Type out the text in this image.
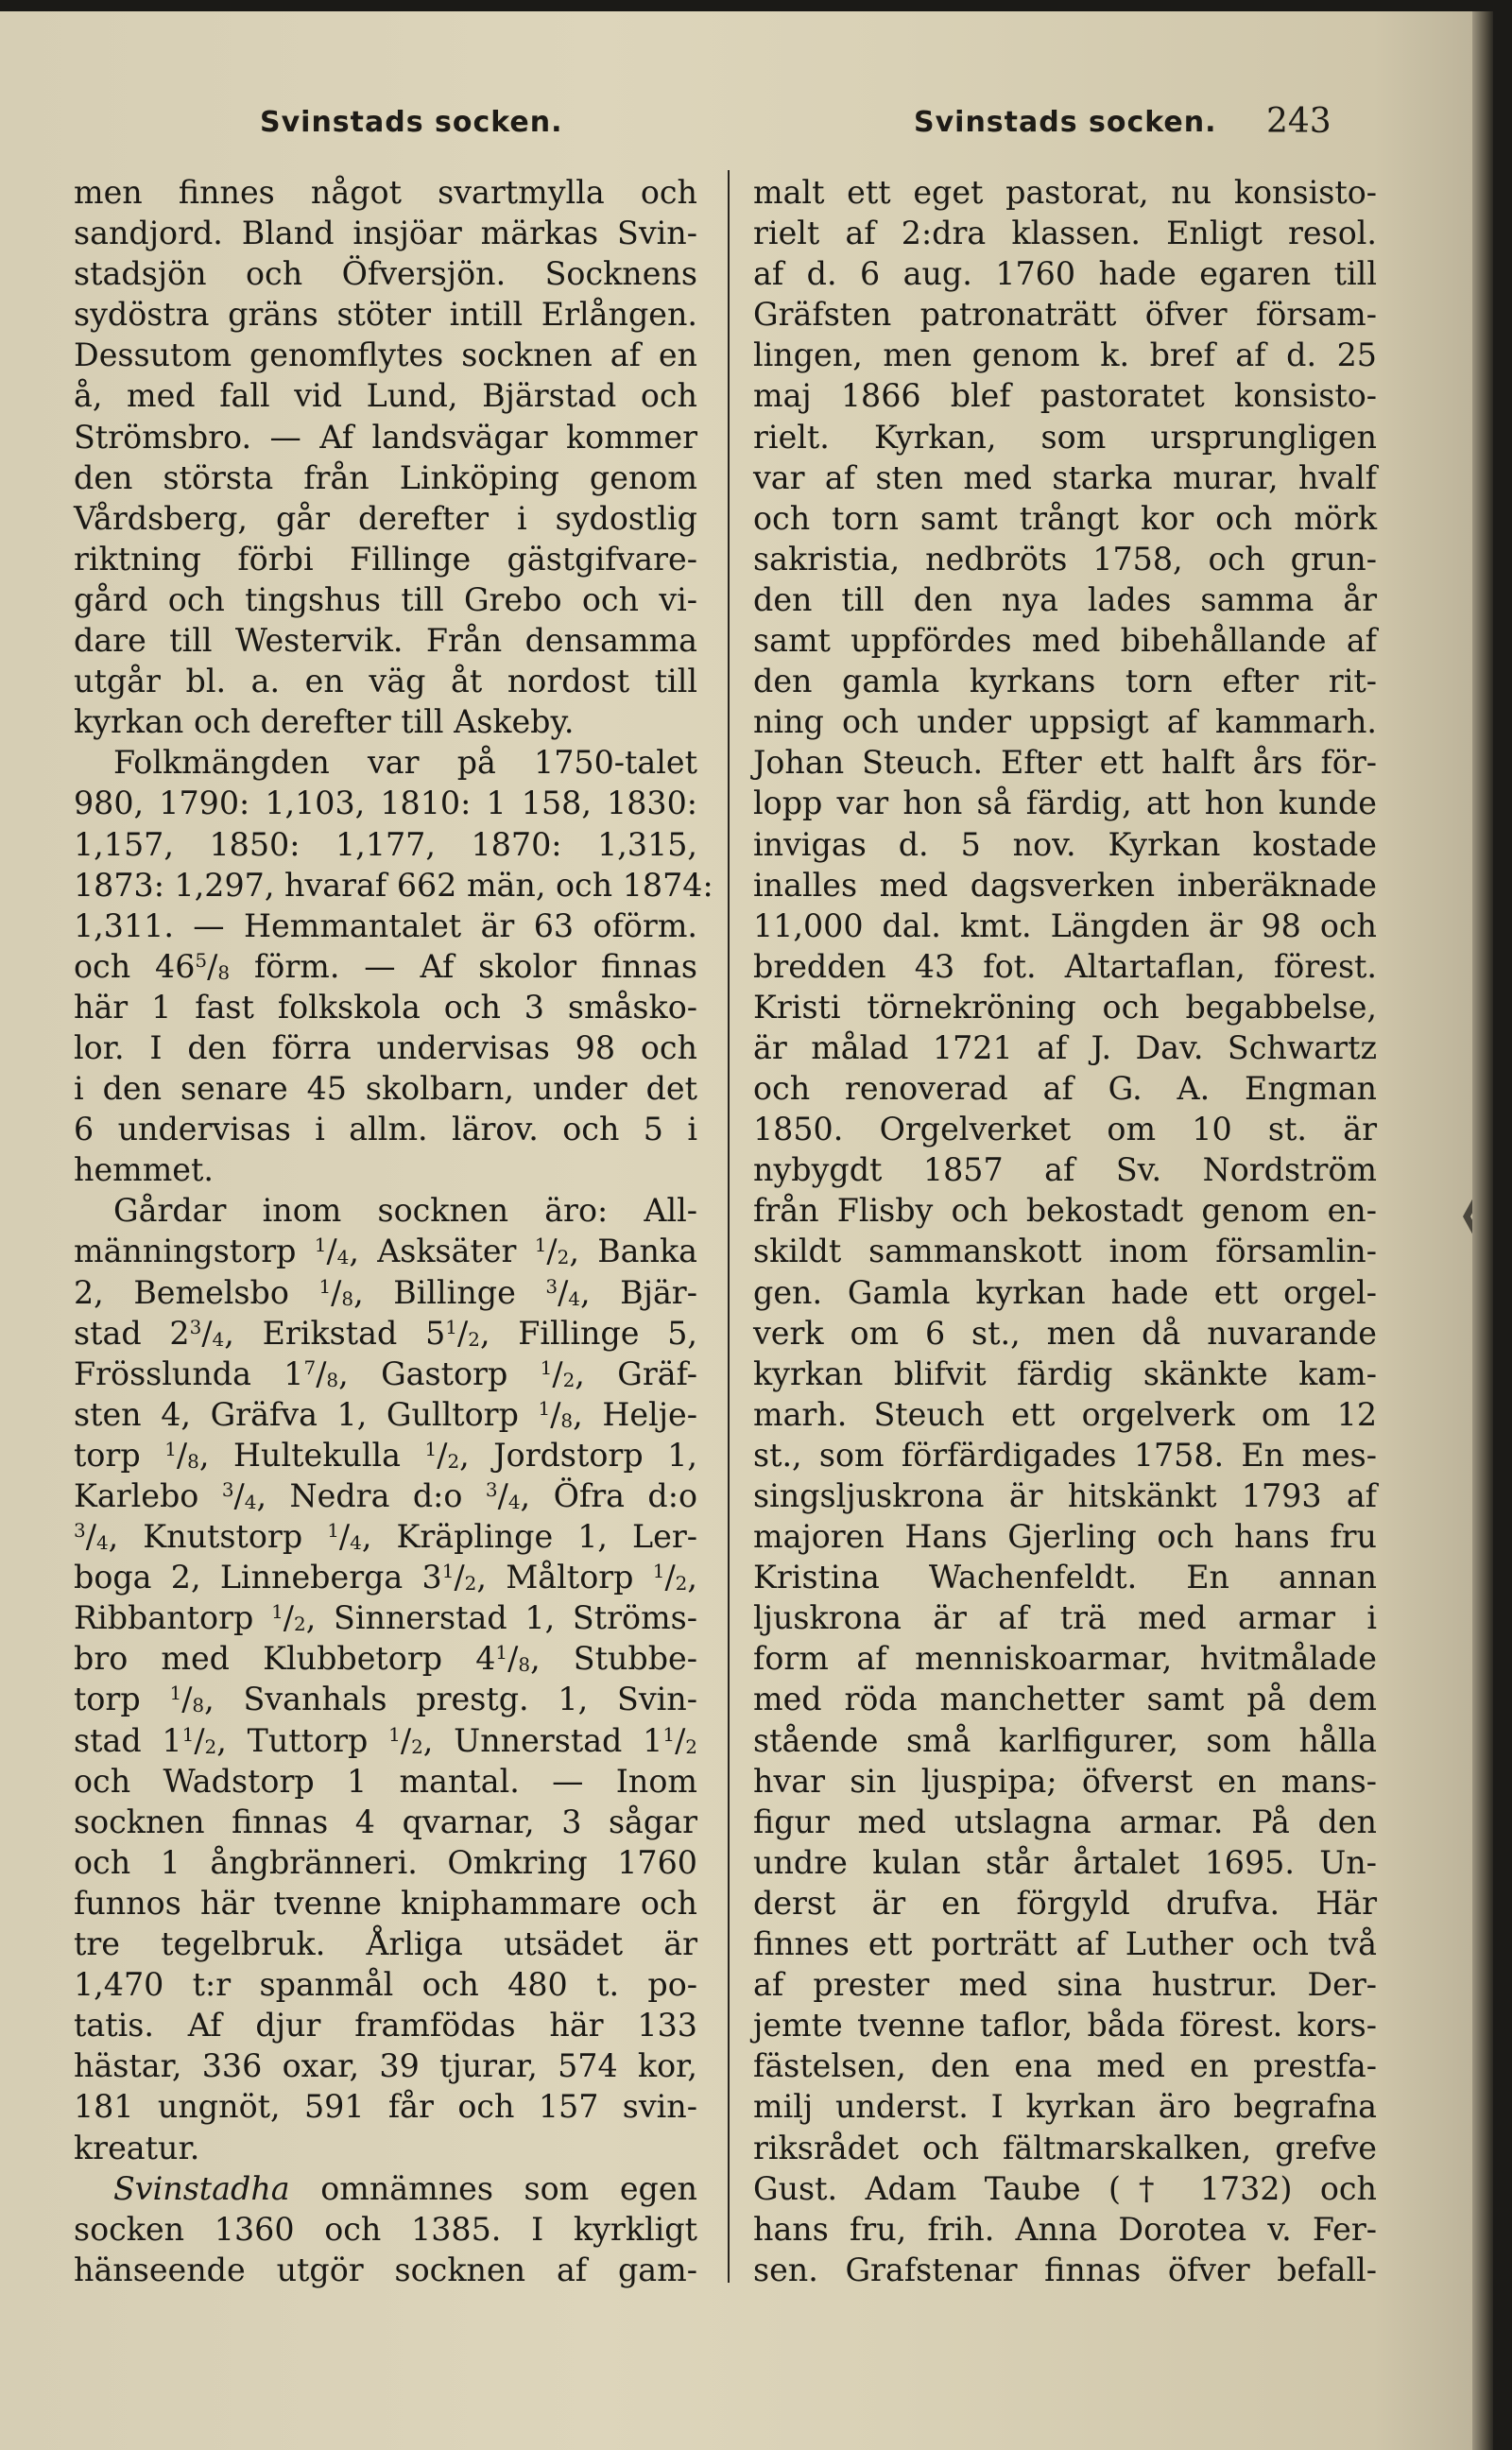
Svinstads socken.	Svinstads socken. 243
men finnes något svartmylla och
sandjord. Bland insjöar märkas Svin-
stadsjön och Öfversjön. Socknens
sydöstra gräns stöter intill Erlången.
Dessutom genomflytes socknen af en
å, med fall vid Lund, Bjärstad och
Strömsbro. — Af landsvägar kommer
den största från Linköping genom
Vårdsberg, går derefter i sydostlig
riktning förbi Fillinge gästgifvare-
gård och tingshus till Grebo och vi-
dare till Westervik. Från densamma
utgår bl. a. en väg åt nordost till
kyrkan och derefter till Askeby.
Folkmängden var på 1750-talet
980, 1790: 1,103, 1810: 1 158, 1830:
1,157, 1850: 1,177, 1870: 1,315,
1873: 1,297, hvaraf 662 män, och 1874:
1,311. — Hemmantalet är 63 oförm.
och $46^5/_8$ förm. — Af skolor finnas
här 1 fast folkskola och 3 småsko-
lor. I den förra undervisas 98 och
i den senare 45 skolbarn, under det
6 undervisas i allm. lärov. och 5 i
hemmet.
Gårdar inom socknen äro: All-
männingstorp $^1/_4$, Asksäter $^1/_2$, Banka
2, Bemelsbo $^1/_8$, Billinge $^3/_4$, Bjär-
stad $2^3/_4$, Erikstad $5^1/_2$, Fillinge 5,
Frösslunda $1^7/_8$, Gastorp $^1/_2$, Gräf-
sten 4, Gräfva 1, Gulltorp $^1/_8$, Helje-
torp $^1/_8$, Hultekulla $^1/_2$, Jordstorp 1,
Karlebo $^3/_4$, Nedra d:o $^3/_4$, Öfra d:o
$^3/_4$, Knutstorp $^1/_4$, Kräplinge 1, Ler-
boga 2, Linneberga $3^1/_2$, Måltorp $^1/_2$,
Ribbantorp $^1/_2$, Sinnerstad 1, Ströms-
bro med Klubbetorp $4^1/_8$, Stubbe-
torp $^1/_8$, Svanhals prestg. 1, Svin-
stad $1^1/_2$, Tuttorp $^1/_2$, Unnerstad $1^1/_2$
och Wadstorp 1 mantal. — Inom
socknen finnas 4 qvarnar, 3 sågar
och 1 ångbränneri. Omkring 1760
funnos här tvenne kniphammare och
tre tegelbruk. Årliga utsädet är
1,470 t:r spanmål och 480 t. po-
tatis. Af djur framfödas här 133
hästar, 336 oxar, 39 tjurar, 574 kor,
181 ungnöt, 591 får och 157 svin-
kreatur.
Svinstadha omnämnes som egen
socken 1360 och 1385. I kyrkligt
hänseende utgör socknen af gam-
malt ett eget pastorat, nu konsisto-
rielt af 2:dra klassen. Enligt resol.
af d. 6 aug. 1760 hade egaren till
Gräfsten patronaträtt öfver försam-
lingen, men genom k. bref af d. 25
maj 1866 blef pastoratet konsisto-
rielt. Kyrkan, som ursprungligen
var af sten med starka murar, hvalf
och torn samt trångt kor och mörk
sakristia, nedbröts 1758, och grun-
den till den nya lades samma år
samt uppfördes med bibehållande af
den gamla kyrkans torn efter rit-
ning och under uppsigt af kammarh.
Johan Steuch. Efter ett halft års för-
lopp var hon så färdig, att hon kunde
invigas d. 5 nov. Kyrkan kostade
inalles med dagsverken inberäknade
11,000 dal. kmt. Längden är 98 och
bredden 43 fot. Altartaflan, förest.
Kristi törnekröning och begabbelse,
är målad 1721 af J. Dav. Schwartz
och renoverad af G. A. Engman
1850. Orgelverket om 10 st. är
nybygdt 1857 af Sv. Nordström
från Flisby och bekostadt genom en-
skildt sammanskott inom församlin-
gen. Gamla kyrkan hade ett orgel-
verk om 6 st., men då nuvarande
kyrkan blifvit färdig skänkte kam-
marh. Steuch ett orgelverk om 12
st., som förfärdigades 1758. En mes-
singsljuskrona är hitskänkt 1793 af
majoren Hans Gjerling och hans fru
Kristina Wachenfeldt. En annan
ljuskrona är af trä med armar i
form af menniskoarmar, hvitmålade
med röda manchetter samt på dem
stående små karlfigurer, som hålla
hvar sin ljuspipa; öfverst en mans-
figur med utslagna armar. På den
undre kulan står årtalet 1695. Un-
derst är en förgyld drufva. Här
finnes ett porträtt af Luther och två
af prester med sina hustrur. Der-
jemte tvenne taflor, båda förest. kors-
fästelsen, den ena med en prestfa-
milj underst. I kyrkan äro begrafna
riksrådet och fältmarskalken, grefve
Gust. Adam Taube († 1732) och
hans fru, frih. Anna Dorotea v. Fer-
sen. Grafstenar finnas öfver befall-
